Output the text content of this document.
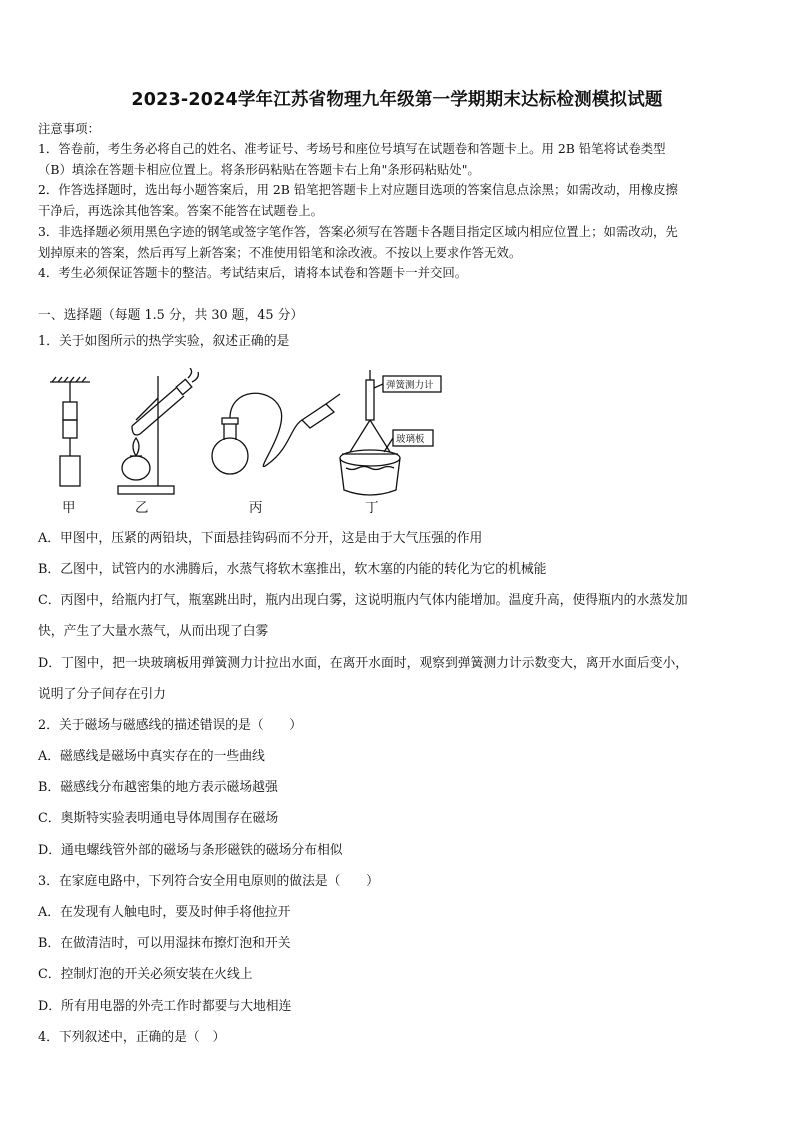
2023-2024学年江苏省物理九年级第一学期期末达标检测模拟试题
注意事项：
1．答卷前，考生务必将自己的姓名、准考证号、考场号和座位号填写在试题卷和答题卡上。用 2B 铅笔将试卷类型
（B）填涂在答题卡相应位置上。将条形码粘贴在答题卡右上角"条形码粘贴处"。
2．作答选择题时，选出每小题答案后，用 2B 铅笔把答题卡上对应题目选项的答案信息点涂黑；如需改动，用橡皮擦
干净后，再选涂其他答案。答案不能答在试题卷上。
3．非选择题必须用黑色字迹的钢笔或签字笔作答，答案必须写在答题卡各题目指定区域内相应位置上；如需改动，先
划掉原来的答案，然后再写上新答案；不准使用铅笔和涂改液。不按以上要求作答无效。
4．考生必须保证答题卡的整洁。考试结束后，请将本试卷和答题卡一并交回。
一、选择题（每题 1.5 分，共 30 题，45 分）
1．关于如图所示的热学实验，叙述正确的是
弹簧测力计
玻璃板
甲	乙	丙	丁
A．甲图中，压紧的两铅块，下面悬挂钩码而不分开，这是由于大气压强的作用
B．乙图中，试管内的水沸腾后，水蒸气将软木塞推出，软木塞的内能的转化为它的机械能
C．丙图中，给瓶内打气，瓶塞跳出时，瓶内出现白雾，这说明瓶内气体内能增加。温度升高，使得瓶内的水蒸发加
快，产生了大量水蒸气，从而出现了白雾
D．丁图中，把一块玻璃板用弹簧测力计拉出水面，在离开水面时，观察到弹簧测力计示数变大，离开水面后变小，
说明了分子间存在引力
2．关于磁场与磁感线的描述错误的是（　　）
A．磁感线是磁场中真实存在的一些曲线
B．磁感线分布越密集的地方表示磁场越强
C．奥斯特实验表明通电导体周围存在磁场
D．通电螺线管外部的磁场与条形磁铁的磁场分布相似
3．在家庭电路中，下列符合安全用电原则的做法是（　　）
A．在发现有人触电时，要及时伸手将他拉开
B．在做清洁时，可以用湿抹布擦灯泡和开关
C．控制灯泡的开关必须安装在火线上
D．所有用电器的外壳工作时都要与大地相连
4．下列叙述中，正确的是（　）
